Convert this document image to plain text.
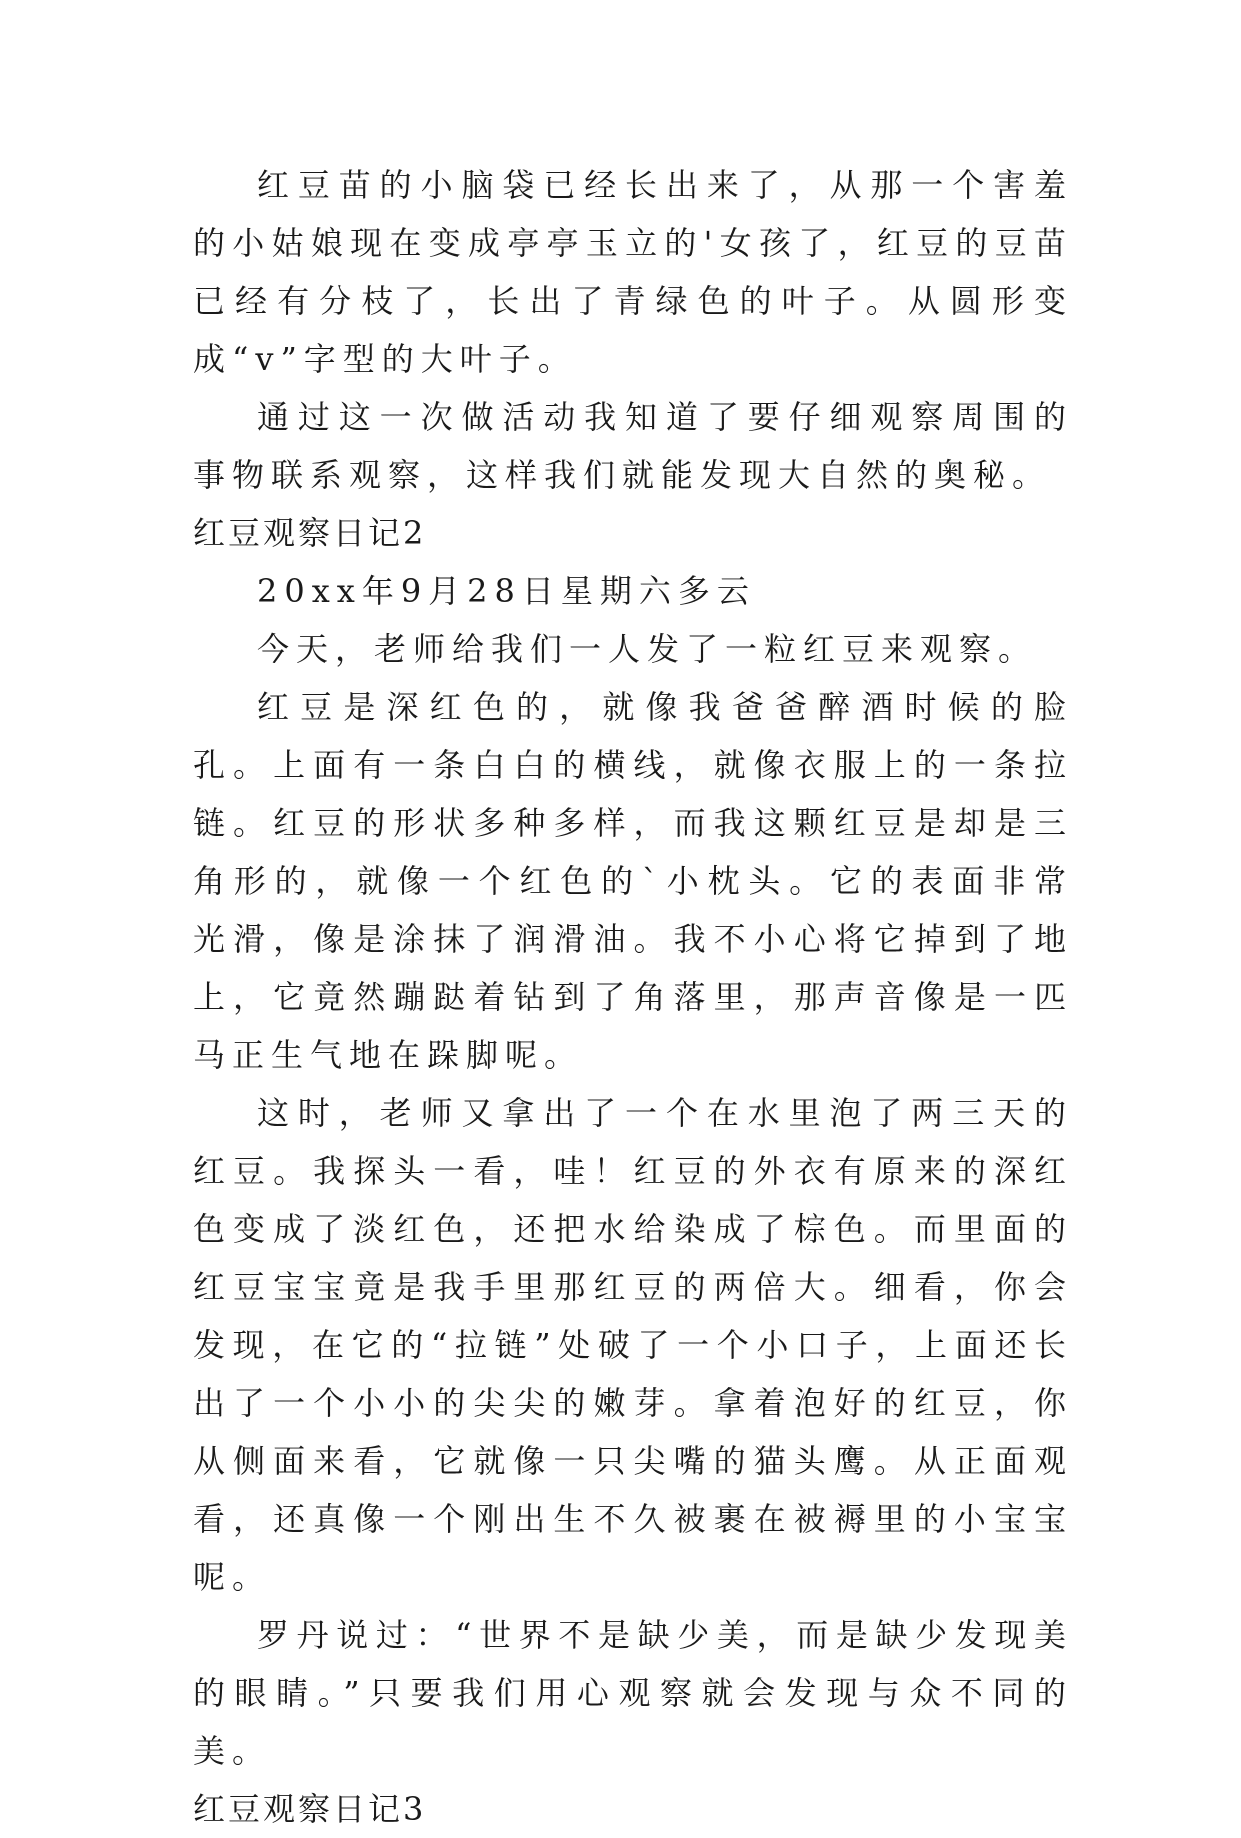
红豆苗的小脑袋已经长出来了，从那一个害羞的小姑娘现在变成亭亭玉立的'女孩了，红豆的豆苗已经有分枝了，长出了青绿色的叶子。从圆形变成“v”字型的大叶子。

通过这一次做活动我知道了要仔细观察周围的事物联系观察，这样我们就能发现大自然的奥秘。

红豆观察日记2

20xx年9月28日星期六多云

今天，老师给我们一人发了一粒红豆来观察。

红豆是深红色的，就像我爸爸醉酒时候的脸孔。上面有一条白白的横线，就像衣服上的一条拉链。红豆的形状多种多样，而我这颗红豆是却是三角形的，就像一个红色的`小枕头。它的表面非常光滑，像是涂抹了润滑油。我不小心将它掉到了地上，它竟然蹦跶着钻到了角落里，那声音像是一匹马正生气地在跺脚呢。

这时，老师又拿出了一个在水里泡了两三天的红豆。我探头一看，哇！红豆的外衣有原来的深红色变成了淡红色，还把水给染成了棕色。而里面的红豆宝宝竟是我手里那红豆的两倍大。细看，你会发现，在它的“拉链”处破了一个小口子，上面还长出了一个小小的尖尖的嫩芽。拿着泡好的红豆，你从侧面来看，它就像一只尖嘴的猫头鹰。从正面观看，还真像一个刚出生不久被裹在被褥里的小宝宝呢。

罗丹说过：“世界不是缺少美，而是缺少发现美的眼睛。”只要我们用心观察就会发现与众不同的美。

红豆观察日记3
